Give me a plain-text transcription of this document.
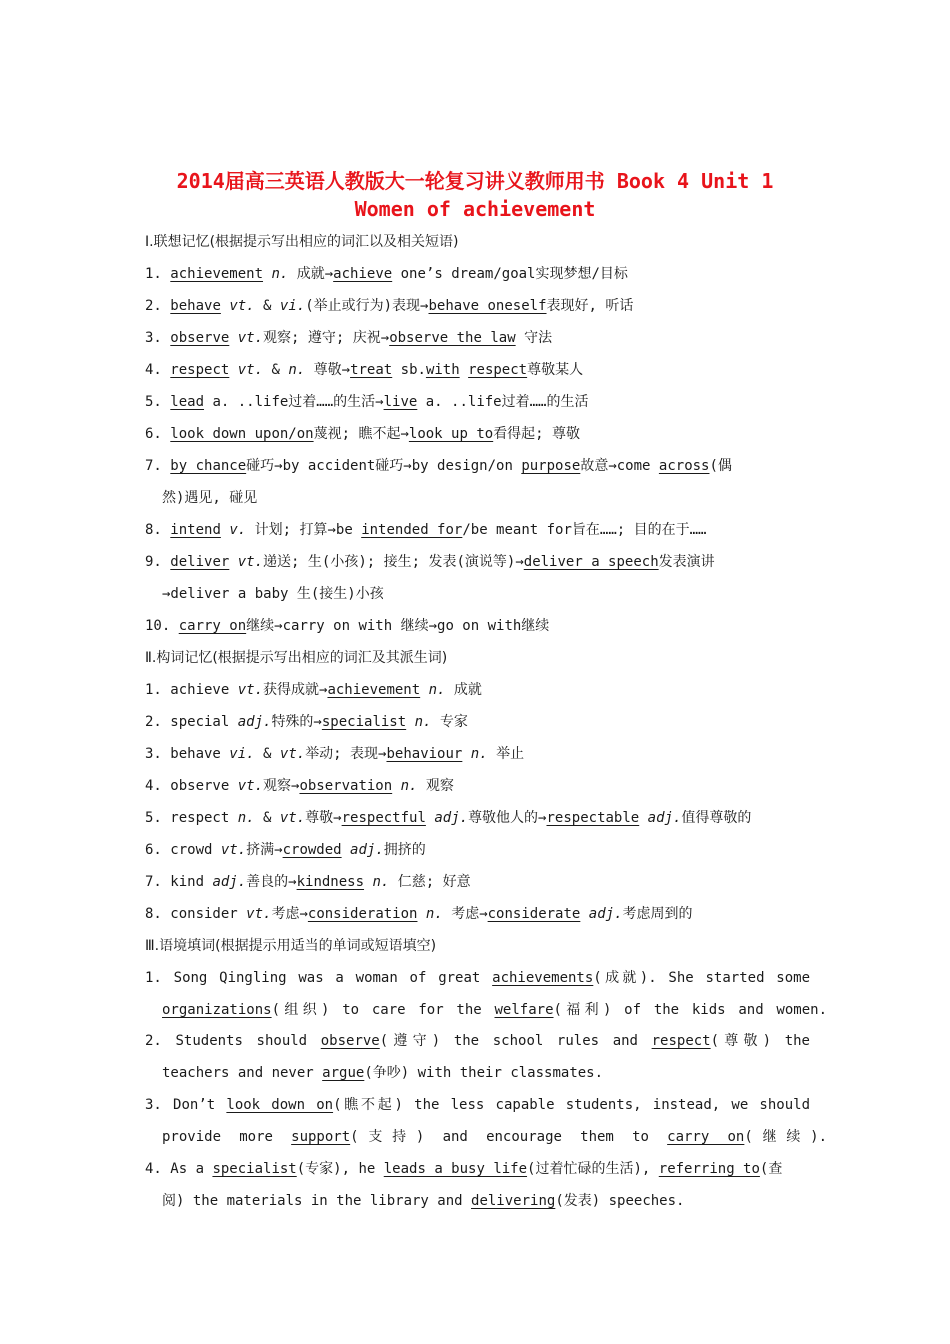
2014届高三英语人教版大一轮复习讲义教师用书 Book 4 Unit 1
Women of achievement
Ⅰ.联想记忆(根据提示写出相应的词汇以及相关短语)
1. achievement n. 成就→achieve one’s dream/goal实现梦想/目标
2. behave vt. & vi.(举止或行为)表现→behave oneself表现好, 听话
3. observe vt.观察; 遵守; 庆祝→observe the law 守法
4. respect vt. & n. 尊敬→treat sb.with respect尊敬某人
5. lead a. ..life过着……的生活→live a. ..life过着……的生活
6. look down upon/on蔑视; 瞧不起→look up to看得起; 尊敬
7. by chance碰巧→by accident碰巧→by design/on purpose故意→come across(偶
然)遇见, 碰见
8. intend v. 计划; 打算→be intended for/be meant for旨在……; 目的在于……
9. deliver vt.递送; 生(小孩); 接生; 发表(演说等)→deliver a speech发表演讲
→deliver a baby 生(接生)小孩
10. carry on继续→carry on with 继续→go on with继续
Ⅱ.构词记忆(根据提示写出相应的词汇及其派生词)
1. achieve vt.获得成就→achievement n. 成就
2. special adj.特殊的→specialist n. 专家
3. behave vi. & vt.举动; 表现→behaviour n. 举止
4. observe vt.观察→observation n. 观察
5. respect n. & vt.尊敬→respectful adj.尊敬他人的→respectable adj.值得尊敬的
6. crowd vt.挤满→crowded adj.拥挤的
7. kind adj.善良的→kindness n. 仁慈; 好意
8. consider vt.考虑→consideration n. 考虑→considerate adj.考虑周到的
Ⅲ.语境填词(根据提示用适当的单词或短语填空)
1. Song Qingling was a woman of great achievements(成就). She started some
organizations(组织) to care for the welfare(福利) of the kids and women.
2. Students should observe(遵守) the school rules and respect(尊敬) the
teachers and never argue(争吵) with their classmates.
3. Don’t look down on(瞧不起) the less capable students, instead, we should
provide more support(支持) and encourage them to carry on(继续).
4. As a specialist(专家), he leads a busy life(过着忙碌的生活), referring to(查
阅) the materials in the library and delivering(发表) speeches.
